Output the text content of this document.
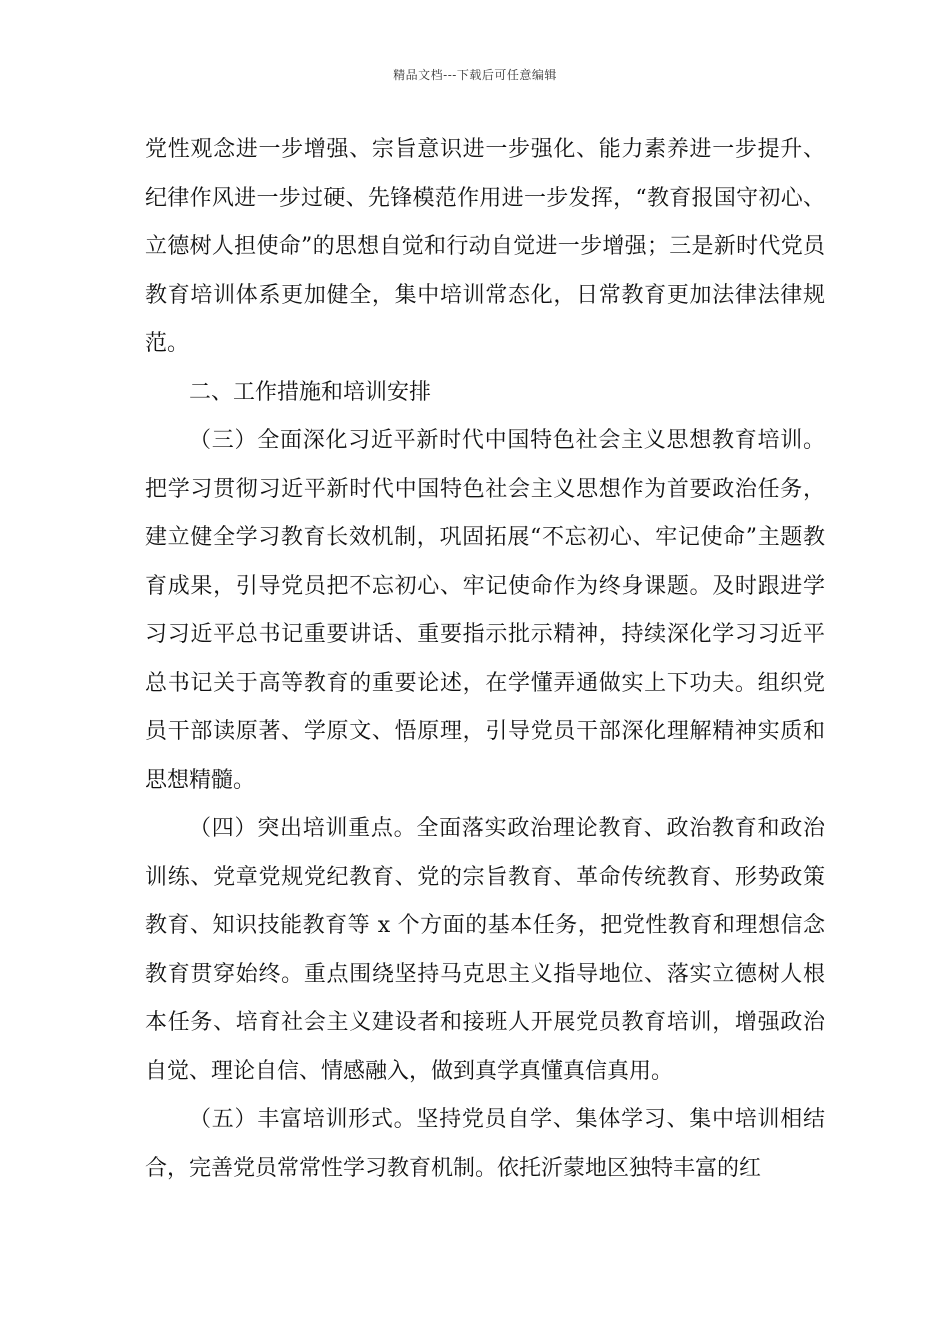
精品文档---下载后可任意编辑

党性观念进一步增强、宗旨意识进一步强化、能力素养进一步提升、纪律作风进一步过硬、先锋模范作用进一步发挥，“教育报国守初心、立德树人担使命”的思想自觉和行动自觉进一步增强；三是新时代党员教育培训体系更加健全，集中培训常态化，日常教育更加法律法律规范。

二、工作措施和培训安排

（三）全面深化习近平新时代中国特色社会主义思想教育培训。把学习贯彻习近平新时代中国特色社会主义思想作为首要政治任务，建立健全学习教育长效机制，巩固拓展“不忘初心、牢记使命”主题教育成果，引导党员把不忘初心、牢记使命作为终身课题。及时跟进学习习近平总书记重要讲话、重要指示批示精神，持续深化学习习近平总书记关于高等教育的重要论述，在学懂弄通做实上下功夫。组织党员干部读原著、学原文、悟原理，引导党员干部深化理解精神实质和思想精髓。

（四）突出培训重点。全面落实政治理论教育、政治教育和政治训练、党章党规党纪教育、党的宗旨教育、革命传统教育、形势政策教育、知识技能教育等 x 个方面的基本任务，把党性教育和理想信念教育贯穿始终。重点围绕坚持马克思主义指导地位、落实立德树人根本任务、培育社会主义建设者和接班人开展党员教育培训，增强政治自觉、理论自信、情感融入，做到真学真懂真信真用。

（五）丰富培训形式。坚持党员自学、集体学习、集中培训相结合，完善党员常常性学习教育机制。依托沂蒙地区独特丰富的红
